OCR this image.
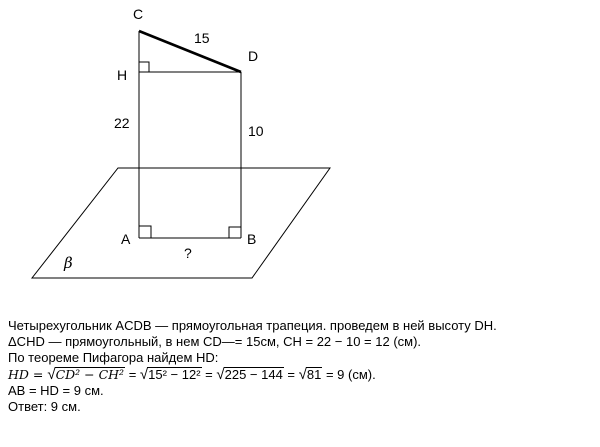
C
D
H
A	B
15
22	10
?
β
Четырехугольник ACDB — прямоугольная трапеция. проведем в ней высоту DH.
ΔCHD — прямоугольный, в нем CD—= 15см, CH = 22 − 10 = 12 (см).
По теореме Пифагора найдем HD:
HD = √CD² − CH² = √15² − 12² = √225 − 144 = √81 = 9 (см).
AB = HD = 9 см.
Ответ: 9 см.
